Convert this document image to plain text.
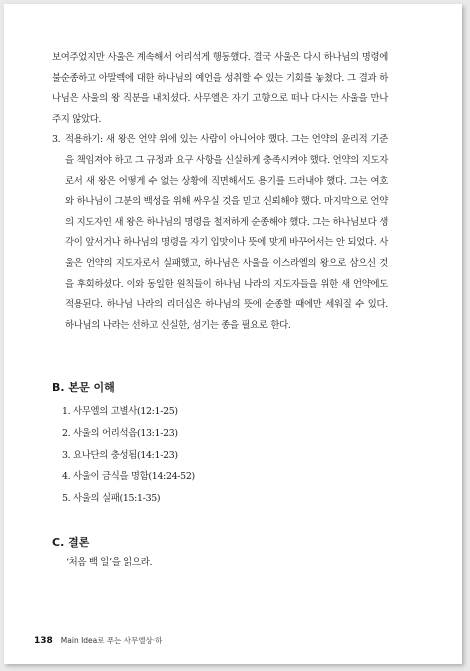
보여주었지만 사울은 계속해서 어리석게 행동했다. 결국 사울은 다시 하나님의 명령에 불순종하고 아말렉에 대한 하나님의 예언을 성취할 수 있는 기회를 놓쳤다. 그 결과 하나님은 사울의 왕 직분을 내치셨다. 사무엘은 자기 고향으로 떠나 다시는 사울을 만나주지 않았다.

3. 적용하기: 새 왕은 언약 위에 있는 사람이 아니어야 했다. 그는 언약의 윤리적 기준을 책임져야 하고 그 규정과 요구 사항을 신실하게 충족시켜야 했다. 언약의 지도자로서 새 왕은 어떻게 수 없는 상황에 직면해서도 용기를 드러내야 했다. 그는 여호와 하나님이 그분의 백성을 위해 싸우실 것을 믿고 신뢰해야 했다. 마지막으로 언약의 지도자인 새 왕은 하나님의 명령을 철저하게 순종해야 했다. 그는 하나님보다 생각이 앞서거나 하나님의 명령을 자기 입맛이나 뜻에 맞게 바꾸어서는 안 되었다. 사울은 언약의 지도자로서 실패했고, 하나님은 사울을 이스라엘의 왕으로 삼으신 것을 후회하셨다. 이와 동일한 원칙들이 하나님 나라의 지도자들을 위한 새 언약에도 적용된다. 하나님 나라의 리더십은 하나님의 뜻에 순종할 때에만 세워질 수 있다. 하나님의 나라는 선하고 신실한, 섬기는 종을 필요로 한다.
B. 본문 이해
1. 사무엘의 고별사(12:1-25)
2. 사울의 어리석음(13:1-23)
3. 요나단의 충성됨(14:1-23)
4. 사울이 금식을 명함(14:24-52)
5. 사울의 실패(15:1-35)
C. 결론
‘처음 백 일’을 읽으라.
138 Main Idea로 푸는 사무엘상·하
